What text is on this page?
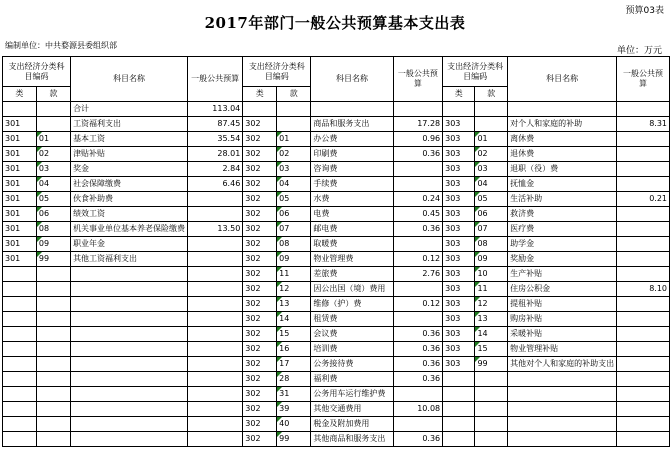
预算03表
2017年部门一般公共预算基本支出表
编制单位：中共婺源县委组织部
单位：万元
支出经济分类科目编码		科目名称	一般公共预算	支出经济分类科目编码		科目名称	一般公共预算	支出经济分类科目编码		科目名称	一般公共预算
类	款			类	款			类	款		
		合计	113.04								
301		工资福利支出	87.45	302		商品和服务支出	17.28	303		对个人和家庭的补助	8.31
301	01	基本工资	35.54	302	01	办公费	0.96	303	01	离休费	
301	02	津贴补贴	28.01	302	02	印刷费	0.36	303	02	退休费	
301	03	奖金	2.84	302	03	咨询费		303	03	退职（役）费	
301	04	社会保障缴费	6.46	302	04	手续费		303	04	抚恤金	
301	05	伙食补助费		302	05	水费	0.24	303	05	生活补助	0.21
301	06	绩效工资		302	06	电费	0.45	303	06	救济费	
301	08	机关事业单位基本养老保险缴费	13.50	302	07	邮电费	0.36	303	07	医疗费	
301	09	职业年金		302	08	取暖费		303	08	助学金	
301	99	其他工资福利支出		302	09	物业管理费	0.12	303	09	奖励金	
				302	11	差旅费	2.76	303	10	生产补贴	
				302	12	因公出国（境）费用		303	11	住房公积金	8.10
				302	13	维修（护）费	0.12	303	12	提租补贴	
				302	14	租赁费		303	13	购房补贴	
				302	15	会议费	0.36	303	14	采暖补贴	
				302	16	培训费	0.36	303	15	物业管理补贴	
				302	17	公务接待费	0.36	303	99	其他对个人和家庭的补助支出	
				302	28	福利费	0.36				
				302	31	公务用车运行维护费					
				302	39	其他交通费用	10.08				
				302	40	税金及附加费用					
				302	99	其他商品和服务支出	0.36				
